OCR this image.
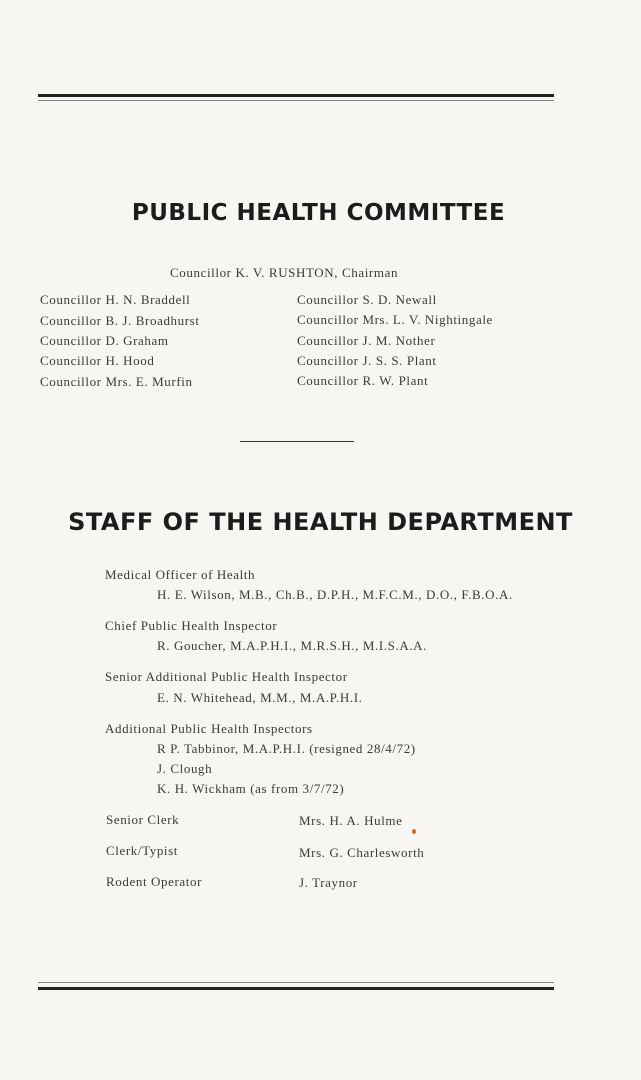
PUBLIC HEALTH COMMITTEE
Councillor K. V. RUSHTON, Chairman
Councillor H. N. Braddell
Councillor B. J. Broadhurst
Councillor D. Graham
Councillor H. Hood
Councillor Mrs. E. Murfin
Councillor S. D. Newall
Councillor Mrs. L. V. Nightingale
Councillor J. M. Nother
Councillor J. S. S. Plant
Councillor R. W. Plant
STAFF OF THE HEALTH DEPARTMENT
Medical Officer of Health
H. E. Wilson, M.B., Ch.B., D.P.H., M.F.C.M., D.O., F.B.O.A.
Chief Public Health Inspector
R. Goucher, M.A.P.H.I., M.R.S.H., M.I.S.A.A.
Senior Additional Public Health Inspector
E. N. Whitehead, M.M., M.A.P.H.I.
Additional Public Health Inspectors
R P. Tabbinor, M.A.P.H.I. (resigned 28/4/72)
J. Clough
K. H. Wickham (as from 3/7/72)
Senior Clerk	Mrs. H. A. Hulme
Clerk/Typist	Mrs. G. Charlesworth
Rodent Operator	J. Traynor
